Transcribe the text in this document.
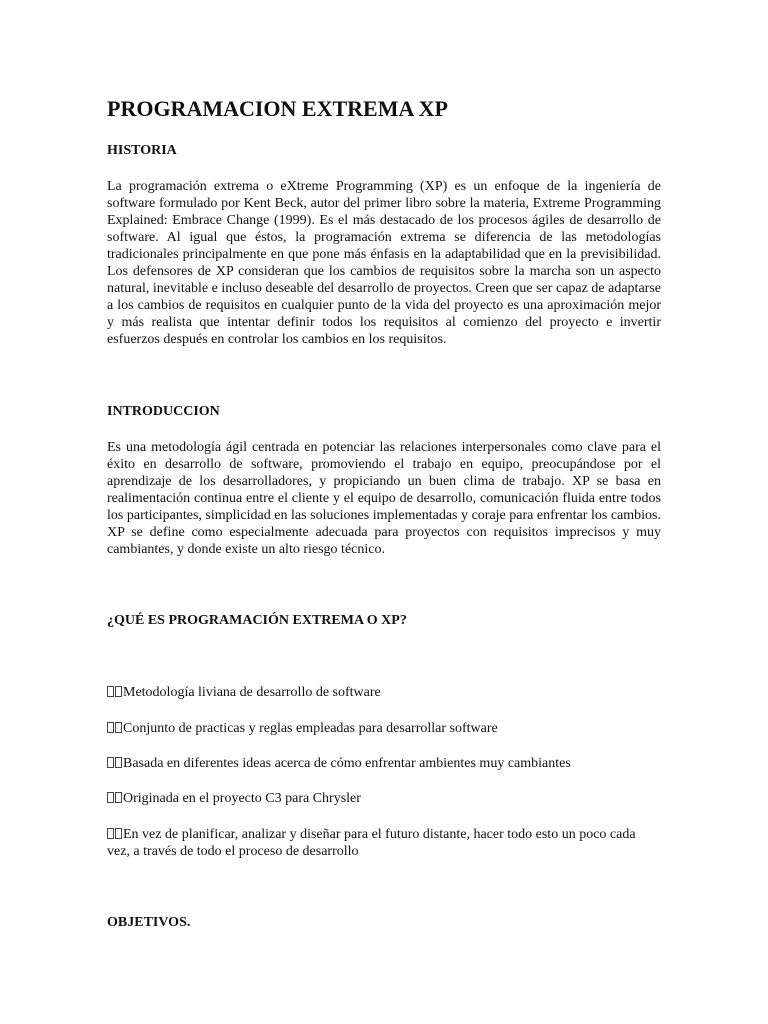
PROGRAMACION EXTREMA XP
HISTORIA

La programación extrema o eXtreme Programming (XP) es un enfoque de la ingeniería de software formulado por Kent Beck, autor del primer libro sobre la materia, Extreme Programming Explained: Embrace Change (1999). Es el más destacado de los procesos ágiles de desarrollo de software. Al igual que éstos, la programación extrema se diferencia de las metodologías tradicionales principalmente en que pone más énfasis en la adaptabilidad que en la previsibilidad. Los defensores de XP consideran que los cambios de requisitos sobre la marcha son un aspecto natural, inevitable e incluso deseable del desarrollo de proyectos. Creen que ser capaz de adaptarse a los cambios de requisitos en cualquier punto de la vida del proyecto es una aproximación mejor y más realista que intentar definir todos los requisitos al comienzo del proyecto e invertir esfuerzos después en controlar los cambios en los requisitos.

INTRODUCCION

Es una metodología ágil centrada en potenciar las relaciones interpersonales como clave para el éxito en desarrollo de software, promoviendo el trabajo en equipo, preocupándose por el aprendizaje de los desarrolladores, y propiciando un buen clima de trabajo. XP se basa en realimentación continua entre el cliente y el equipo de desarrollo, comunicación fluida entre todos los participantes, simplicidad en las soluciones implementadas y coraje para enfrentar los cambios. XP se define como especialmente adecuada para proyectos con requisitos imprecisos y muy cambiantes, y donde existe un alto riesgo técnico.

¿QUÉ ES PROGRAMACIÓN EXTREMA O XP?

Metodología liviana de desarrollo de software

Conjunto de practicas y reglas empleadas para desarrollar software

Basada en diferentes ideas acerca de cómo enfrentar ambientes muy cambiantes

Originada en el proyecto C3 para Chrysler

En vez de planificar, analizar y diseñar para el futuro distante, hacer todo esto un poco cada vez, a través de todo el proceso de desarrollo

OBJETIVOS.
